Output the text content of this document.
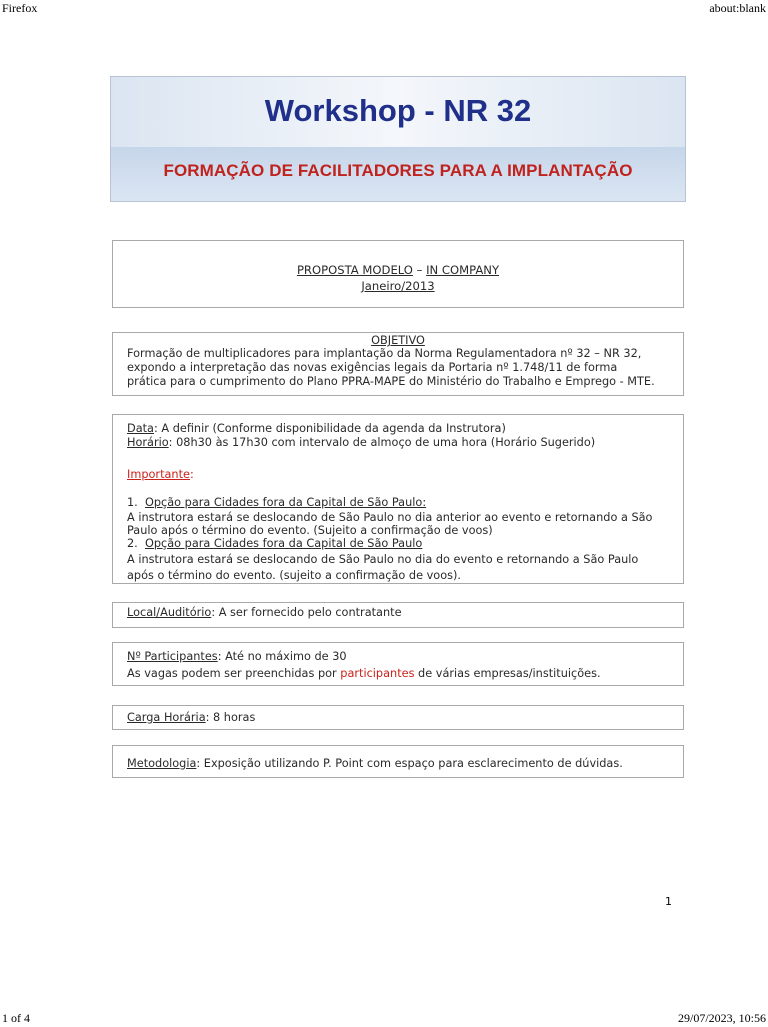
Firefox	about:blank
Workshop - NR 32
FORMAÇÃO DE FACILITADORES PARA A IMPLANTAÇÃO
PROPOSTA MODELO – IN COMPANY
Janeiro/2013
OBJETIVO
Formação de multiplicadores para implantação da Norma Regulamentadora nº 32 – NR 32,
expondo a interpretação das novas exigências legais da Portaria nº 1.748/11 de forma
prática para o cumprimento do Plano PPRA-MAPE do Ministério do Trabalho e Emprego - MTE.
Data: A definir (Conforme disponibilidade da agenda da Instrutora)
Horário: 08h30 às 17h30 com intervalo de almoço de uma hora (Horário Sugerido)
Importante:
1. Opção para Cidades fora da Capital de São Paulo:
A instrutora estará se deslocando de São Paulo no dia anterior ao evento e retornando a São
Paulo após o término do evento. (Sujeito a confirmação de voos)
2. Opção para Cidades fora da Capital de São Paulo
A instrutora estará se deslocando de São Paulo no dia do evento e retornando a São Paulo
após o término do evento. (sujeito a confirmação de voos).
Local/Auditório: A ser fornecido pelo contratante
Nº Participantes: Até no máximo de 30
As vagas podem ser preenchidas por participantes de várias empresas/instituições.
Carga Horária: 8 horas
Metodologia: Exposição utilizando P. Point com espaço para esclarecimento de dúvidas.
1
1 of 4	29/07/2023, 10:56
